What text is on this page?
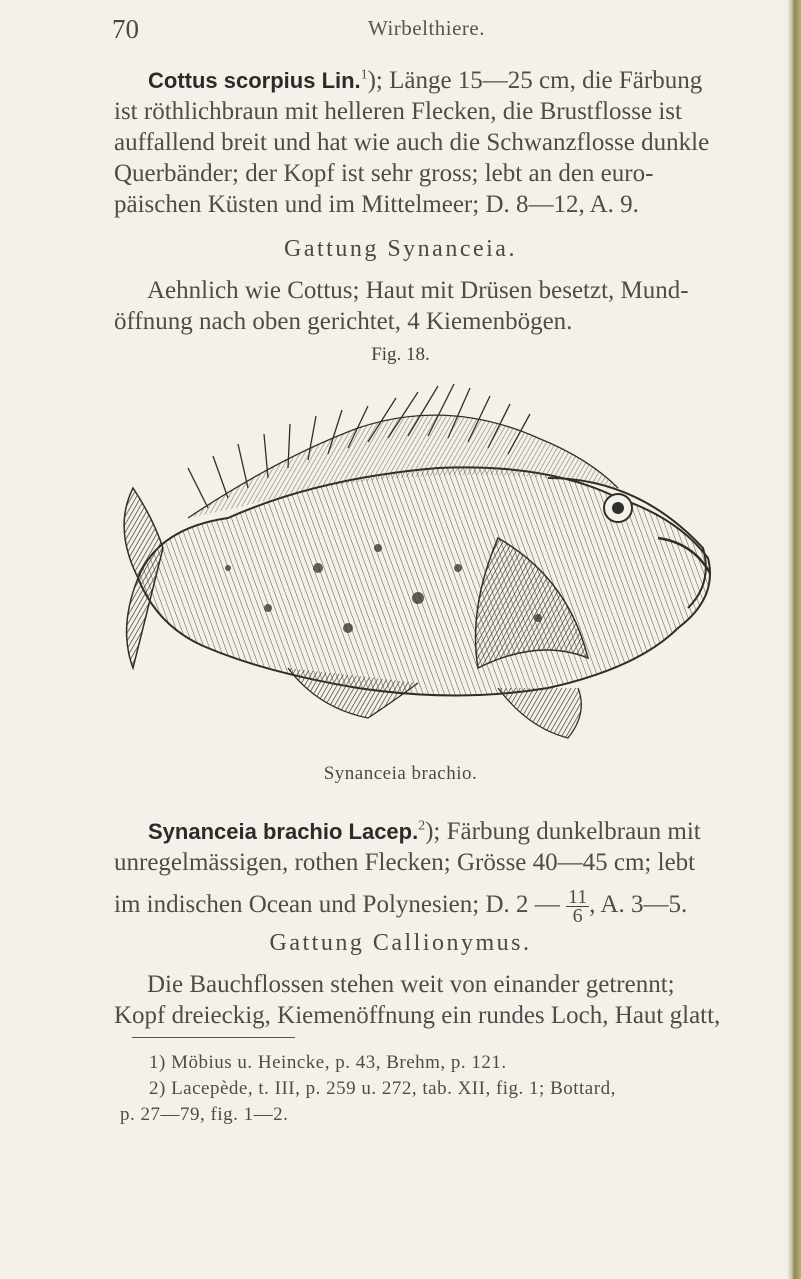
70	Wirbelthiere.
Cottus scorpius Lin.$^1$); Länge 15—25 cm, die Färbung
ist röthlichbraun mit helleren Flecken, die Brustflosse ist
auffallend breit und hat wie auch die Schwanzflosse dunkle
Querbänder; der Kopf ist sehr gross; lebt an den euro-
päischen Küsten und im Mittelmeer; D. 8—12, A. 9.
Gattung Synanceia.
Aehnlich wie Cottus; Haut mit Drüsen besetzt, Mund-
öffnung nach oben gerichtet, 4 Kiemenbögen.
Fig. 18.
Synanceia brachio.
Synanceia brachio Lacep.$^2$); Färbung dunkelbraun mit
unregelmässigen, rothen Flecken; Grösse 40—45 cm; lebt
im indischen Ocean und Polynesien; D. 2 — $\frac{11}{6}$ , A. 3—5.
Gattung Callionymus.
Die Bauchflossen stehen weit von einander getrennt;
Kopf dreieckig, Kiemenöffnung ein rundes Loch, Haut glatt,
1) Möbius u. Heincke, p. 43, Brehm, p. 121.
2) Lacepède, t. III, p. 259 u. 272, tab. XII, fig. 1; Bottard,
p. 27—79, fig. 1—2.
